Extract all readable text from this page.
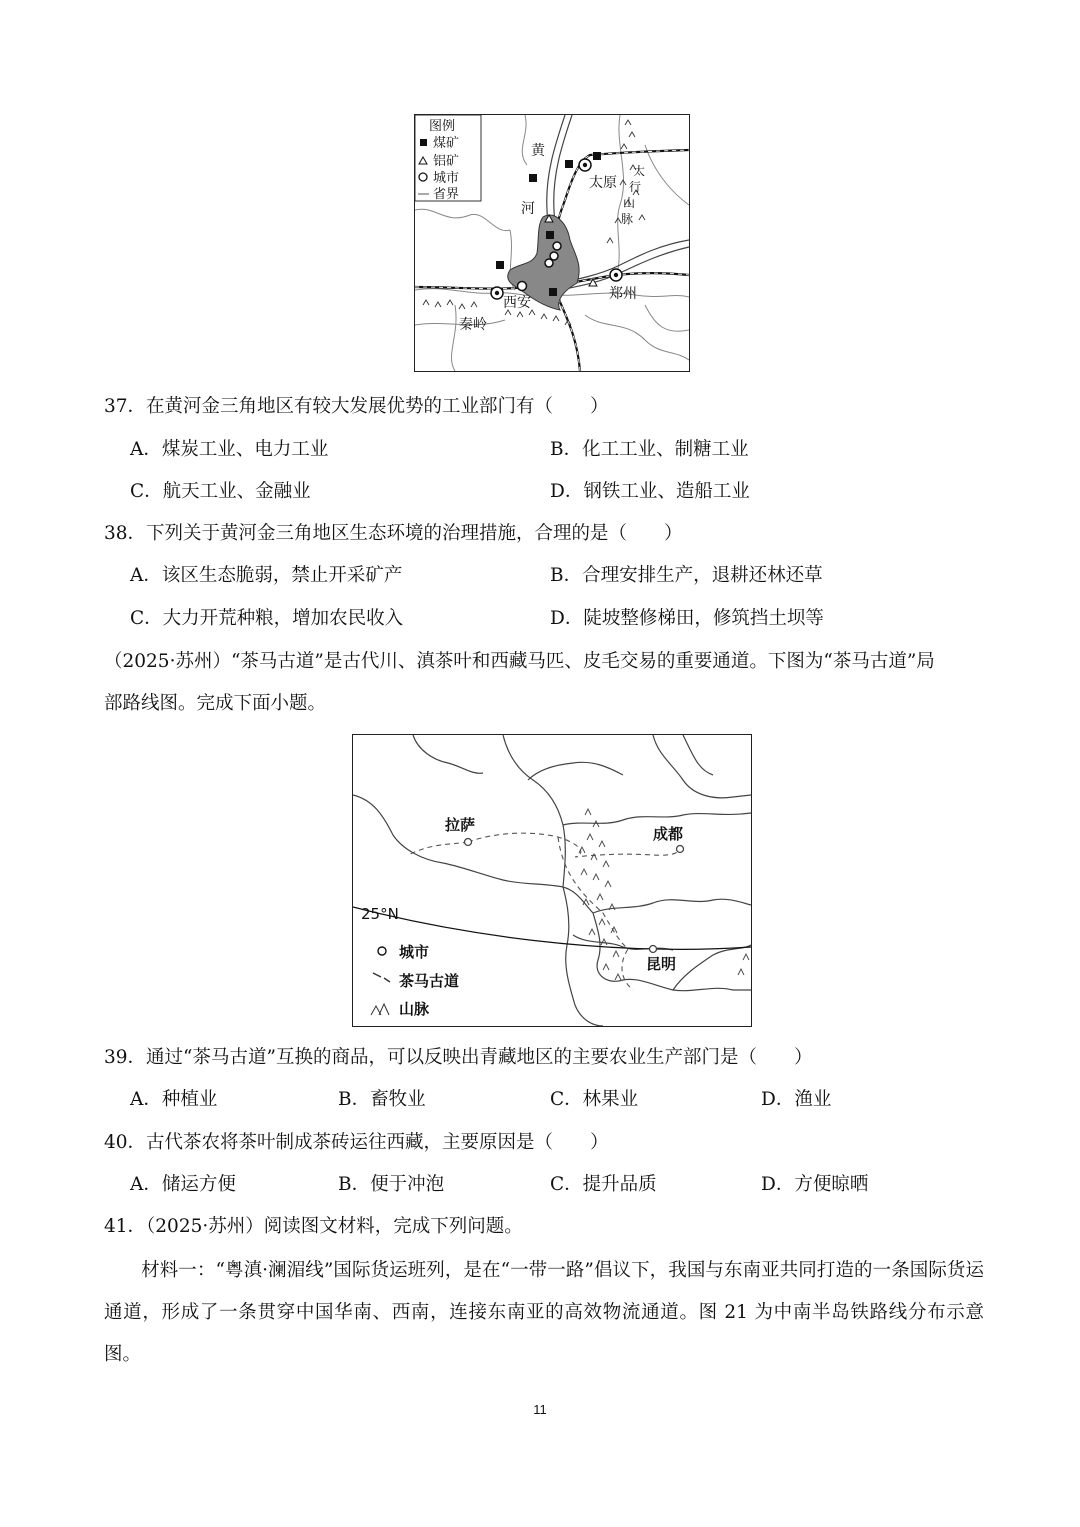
图例
煤矿
铝矿
城市
省界
黄
河
太原
太
行
山
脉
西安
郑州
秦岭
37．在黄河金三角地区有较大发展优势的工业部门有（　　）
A．煤炭工业、电力工业	B．化工工业、制糖工业
C．航天工业、金融业	D．钢铁工业、造船工业
38．下列关于黄河金三角地区生态环境的治理措施，合理的是（　　）
A．该区生态脆弱，禁止开采矿产	B．合理安排生产，退耕还林还草
C．大力开荒种粮，增加农民收入	D．陡坡整修梯田，修筑挡土坝等
（2025·苏州）“茶马古道”是古代川、滇茶叶和西藏马匹、皮毛交易的重要通道。下图为“茶马古道”局
部路线图。完成下面小题。
拉萨	成都
昆明
25°N
城市
茶马古道
山脉
39．通过“茶马古道”互换的商品，可以反映出青藏地区的主要农业生产部门是（　　）
A．种植业	B．畜牧业	C．林果业	D．渔业
40．古代茶农将茶叶制成茶砖运往西藏，主要原因是（　　）
A．储运方便	B．便于冲泡	C．提升品质	D．方便晾晒
41．（2025·苏州）阅读图文材料，完成下列问题。
　　材料一：“粤滇·澜湄线”国际货运班列，是在“一带一路”倡议下，我国与东南亚共同打造的一条国际货运通道，形成了一条贯穿中国华南、西南，连接东南亚的高效物流通道。图 21 为中南半岛铁路线分布示意图。
11
